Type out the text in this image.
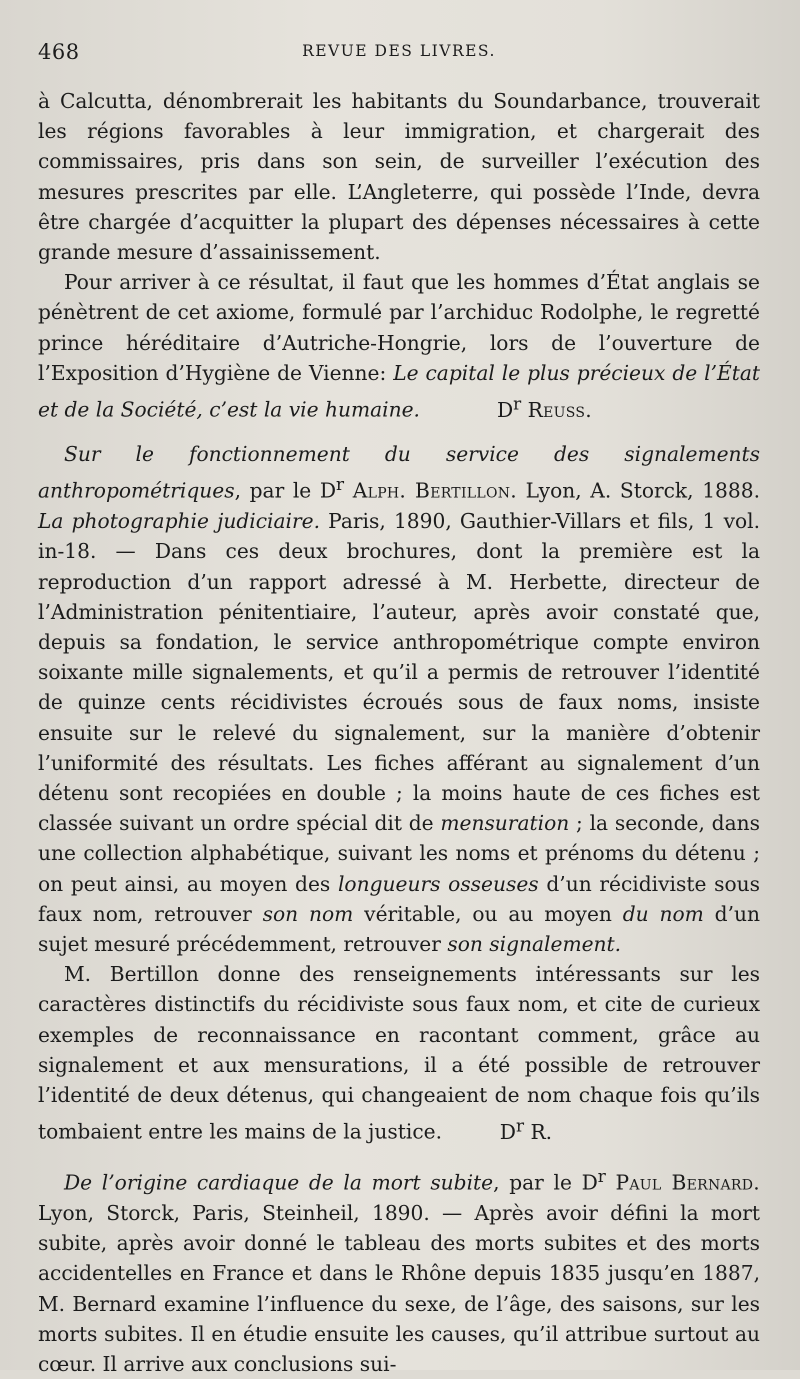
468	REVUE DES LIVRES.

à Calcutta, dénombrerait les habitants du Soundarbance, trouverait les régions favorables à leur immigration, et chargerait des commissaires, pris dans son sein, de surveiller l’exécution des mesures prescrites par elle. L’Angleterre, qui possède l’Inde, devra être chargée d’acquitter la plupart des dépenses nécessaires à cette grande mesure d’assainissement.

Pour arriver à ce résultat, il faut que les hommes d’État anglais se pénètrent de cet axiome, formulé par l’archiduc Rodolphe, le regretté prince héréditaire d’Autriche-Hongrie, lors de l’ouverture de l’Exposition d’Hygiène de Vienne: Le capital le plus précieux de l’État et de la Société, c’est la vie humaine.	$D^r$ Reuss.

Sur le fonctionnement du service des signalements anthropométriques, par le $D^r$ Alph. Bertillon. Lyon, A. Storck, 1888. La photographie judiciaire. Paris, 1890, Gauthier-Villars et fils, 1 vol. in-18. — Dans ces deux brochures, dont la première est la reproduction d’un rapport adressé à M. Herbette, directeur de l’Administration pénitentiaire, l’auteur, après avoir constaté que, depuis sa fondation, le service anthropométrique compte environ soixante mille signalements, et qu’il a permis de retrouver l’identité de quinze cents récidivistes écroués sous de faux noms, insiste ensuite sur le relevé du signalement, sur la manière d’obtenir l’uniformité des résultats. Les fiches afférant au signalement d’un détenu sont recopiées en double ; la moins haute de ces fiches est classée suivant un ordre spécial dit de mensuration ; la seconde, dans une collection alphabétique, suivant les noms et prénoms du détenu ; on peut ainsi, au moyen des longueurs osseuses d’un récidiviste sous faux nom, retrouver son nom véritable, ou au moyen du nom d’un sujet mesuré précédemment, retrouver son signalement.

M. Bertillon donne des renseignements intéressants sur les caractères distinctifs du récidiviste sous faux nom, et cite de curieux exemples de reconnaissance en racontant comment, grâce au signalement et aux mensurations, il a été possible de retrouver l’identité de deux détenus, qui changeaient de nom chaque fois qu’ils tombaient entre les mains de la justice.	$D^r$ R.

De l’origine cardiaque de la mort subite, par le $D^r$ Paul Bernard. Lyon, Storck, Paris, Steinheil, 1890. — Après avoir défini la mort subite, après avoir donné le tableau des morts subites et des morts accidentelles en France et dans le Rhône depuis 1835 jusqu’en 1887, M. Bernard examine l’influence du sexe, de l’âge, des saisons, sur les morts subites. Il en étudie ensuite les causes, qu’il attribue surtout au cœur. Il arrive aux conclusions sui-
